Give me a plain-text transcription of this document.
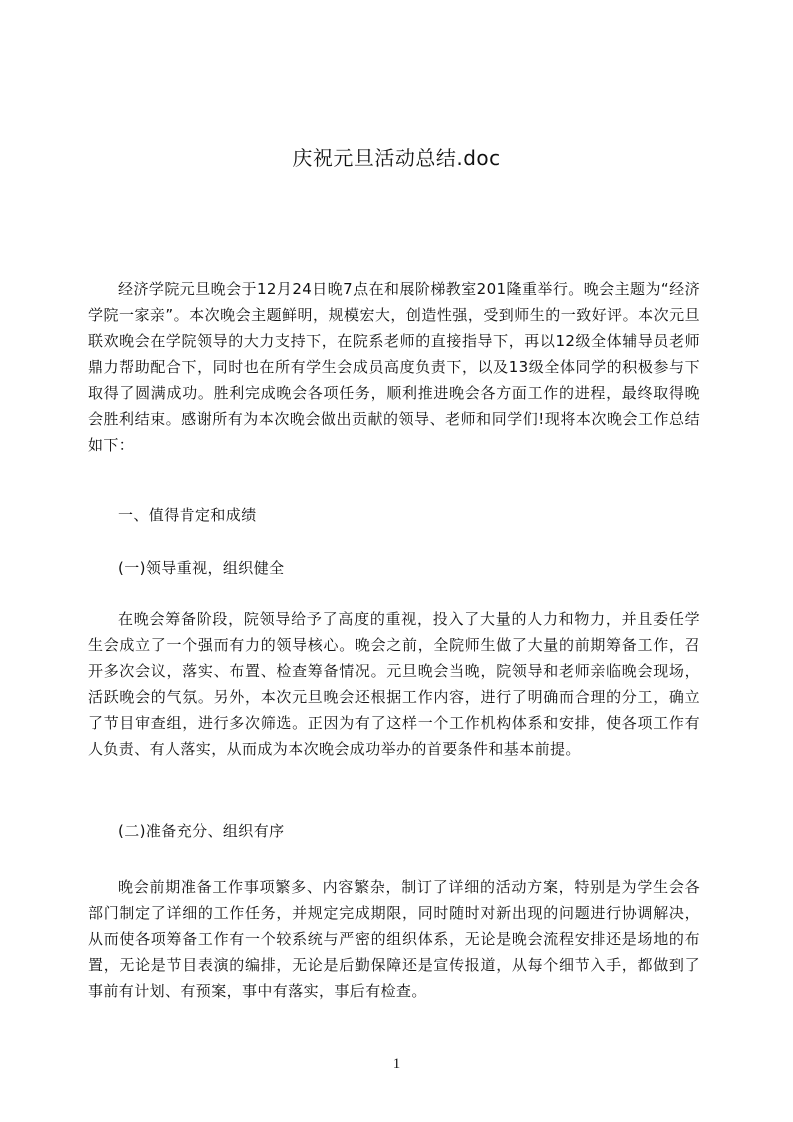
庆祝元旦活动总结.doc

经济学院元旦晚会于12月24日晚7点在和展阶梯教室201隆重举行。晚会主题为“经济学院一家亲”。本次晚会主题鲜明，规模宏大，创造性强，受到师生的一致好评。本次元旦联欢晚会在学院领导的大力支持下，在院系老师的直接指导下，再以12级全体辅导员老师鼎力帮助配合下，同时也在所有学生会成员高度负责下，以及13级全体同学的积极参与下取得了圆满成功。胜利完成晚会各项任务，顺利推进晚会各方面工作的进程，最终取得晚会胜利结束。感谢所有为本次晚会做出贡献的领导、老师和同学们!现将本次晚会工作总结如下：

一、值得肯定和成绩
(一)领导重视，组织健全

在晚会筹备阶段，院领导给予了高度的重视，投入了大量的人力和物力，并且委任学生会成立了一个强而有力的领导核心。晚会之前，全院师生做了大量的前期筹备工作，召开多次会议，落实、布置、检查筹备情况。元旦晚会当晚，院领导和老师亲临晚会现场，活跃晚会的气氛。另外，本次元旦晚会还根据工作内容，进行了明确而合理的分工，确立了节目审查组，进行多次筛选。正因为有了这样一个工作机构体系和安排，使各项工作有人负责、有人落实，从而成为本次晚会成功举办的首要条件和基本前提。

(二)准备充分、组织有序

晚会前期准备工作事项繁多、内容繁杂，制订了详细的活动方案，特别是为学生会各部门制定了详细的工作任务，并规定完成期限，同时随时对新出现的问题进行协调解决，从而使各项筹备工作有一个较系统与严密的组织体系，无论是晚会流程安排还是场地的布置，无论是节目表演的编排，无论是后勤保障还是宣传报道，从每个细节入手，都做到了事前有计划、有预案，事中有落实，事后有检查。

1
